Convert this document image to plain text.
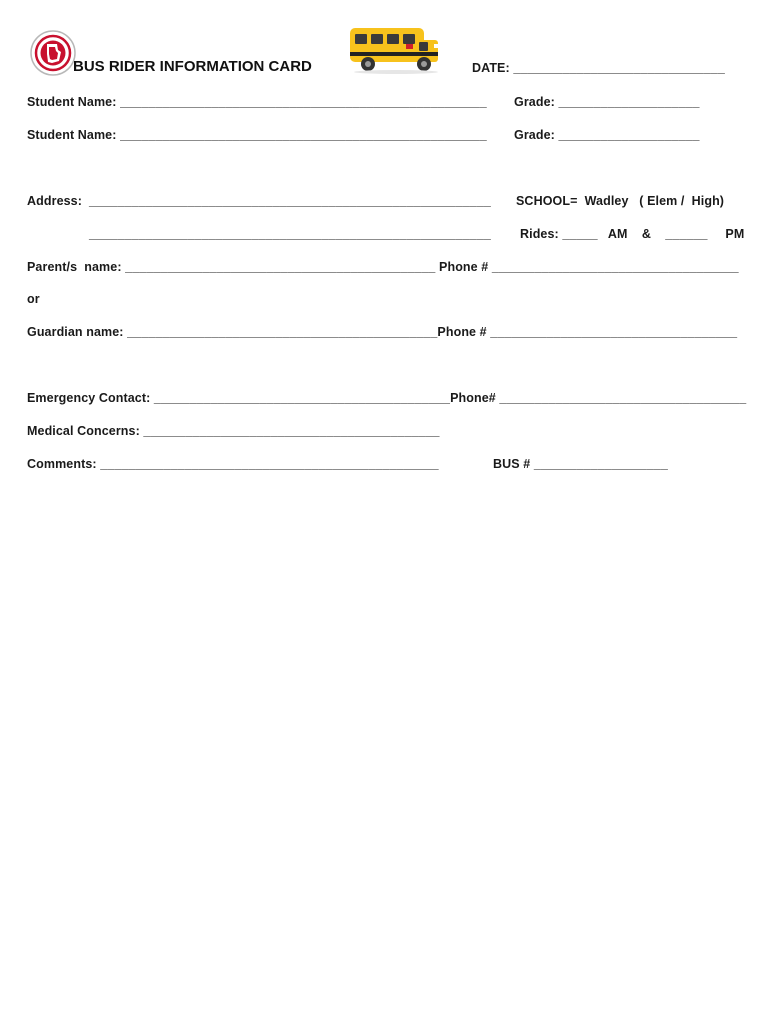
BUS RIDER INFORMATION CARD	DATE: ______________________________
Student Name: ____________________________________________________ Grade: ____________________
Student Name: ____________________________________________________ Grade: ____________________
Address: _________________________________________________________ SCHOOL=  Wadley   ( Elem /  High)
_________________________________________________________ Rides: _____   AM    &    ______     PM
Parent/s  name: ____________________________________________ Phone # ___________________________________
or
Guardian name: ____________________________________________Phone # ___________________________________
Emergency Contact: __________________________________________Phone# ___________________________________
Medical Concerns: __________________________________________
Comments: ________________________________________________	BUS # ___________________
